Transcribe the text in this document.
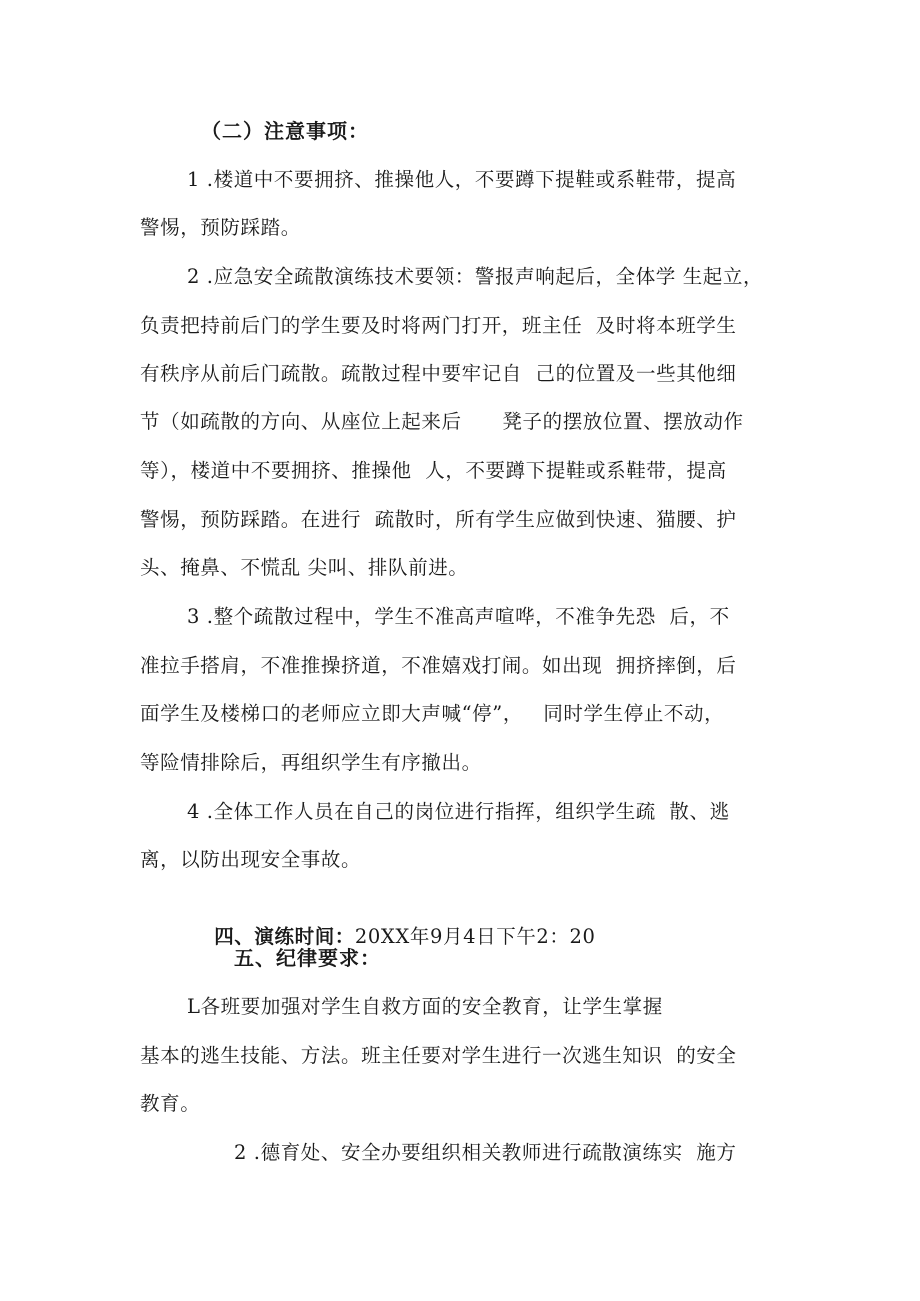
（二）注意事项：
1 .楼道中不要拥挤、推操他人，不要蹲下提鞋或系鞋带，提高
警惕，预防踩踏。
2 .应急安全疏散演练技术要领：警报声响起后，全体学 生起立，
负责把持前后门的学生要及时将两门打开，班主任  及时将本班学生
有秩序从前后门疏散。疏散过程中要牢记自  己的位置及一些其他细
节（如疏散的方向、从座位上起来后      凳子的摆放位置、摆放动作
等），楼道中不要拥挤、推操他  人，不要蹲下提鞋或系鞋带，提高
警惕，预防踩踏。在进行  疏散时，所有学生应做到快速、猫腰、护
头、掩鼻、不慌乱 尖叫、排队前进。
3 .整个疏散过程中，学生不准高声喧哗，不准争先恐  后，不
准拉手搭肩，不准推操挤道，不准嬉戏打闹。如出现  拥挤摔倒，后
面学生及楼梯口的老师应立即大声喊“停”，   同时学生停止不动，
等险情排除后，再组织学生有序撤出。
4 .全体工作人员在自己的岗位进行指挥，组织学生疏  散、逃
离，以防出现安全事故。

四、演练时间：20XX年9月4日下午2：20

五、纪律要求：
L各班要加强对学生自救方面的安全教育，让学生掌握
基本的逃生技能、方法。班主任要对学生进行一次逃生知识  的安全
教育。
2 .德育处、安全办要组织相关教师进行疏散演练实  施方
